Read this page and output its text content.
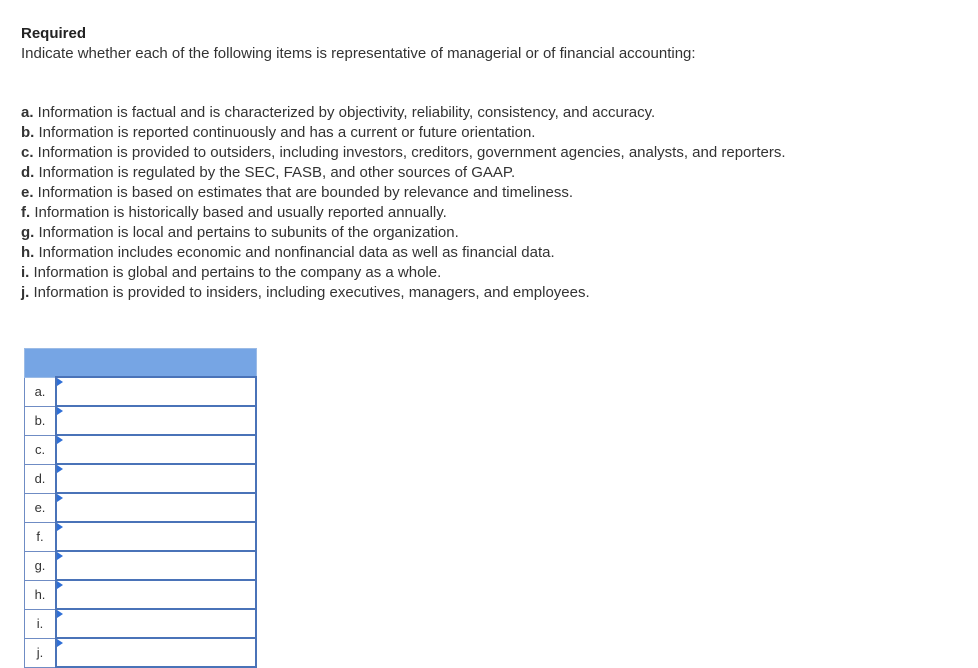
Required
Indicate whether each of the following items is representative of managerial or of financial accounting:
a. Information is factual and is characterized by objectivity, reliability, consistency, and accuracy.
b. Information is reported continuously and has a current or future orientation.
c. Information is provided to outsiders, including investors, creditors, government agencies, analysts, and reporters.
d. Information is regulated by the SEC, FASB, and other sources of GAAP.
e. Information is based on estimates that are bounded by relevance and timeliness.
f. Information is historically based and usually reported annually.
g. Information is local and pertains to subunits of the organization.
h. Information includes economic and nonfinancial data as well as financial data.
i. Information is global and pertains to the company as a whole.
j. Information is provided to insiders, including executives, managers, and employees.

a.	

b.	

c.	

d.	

e.	

f.	

g.	

h.	

i.	

j.	
